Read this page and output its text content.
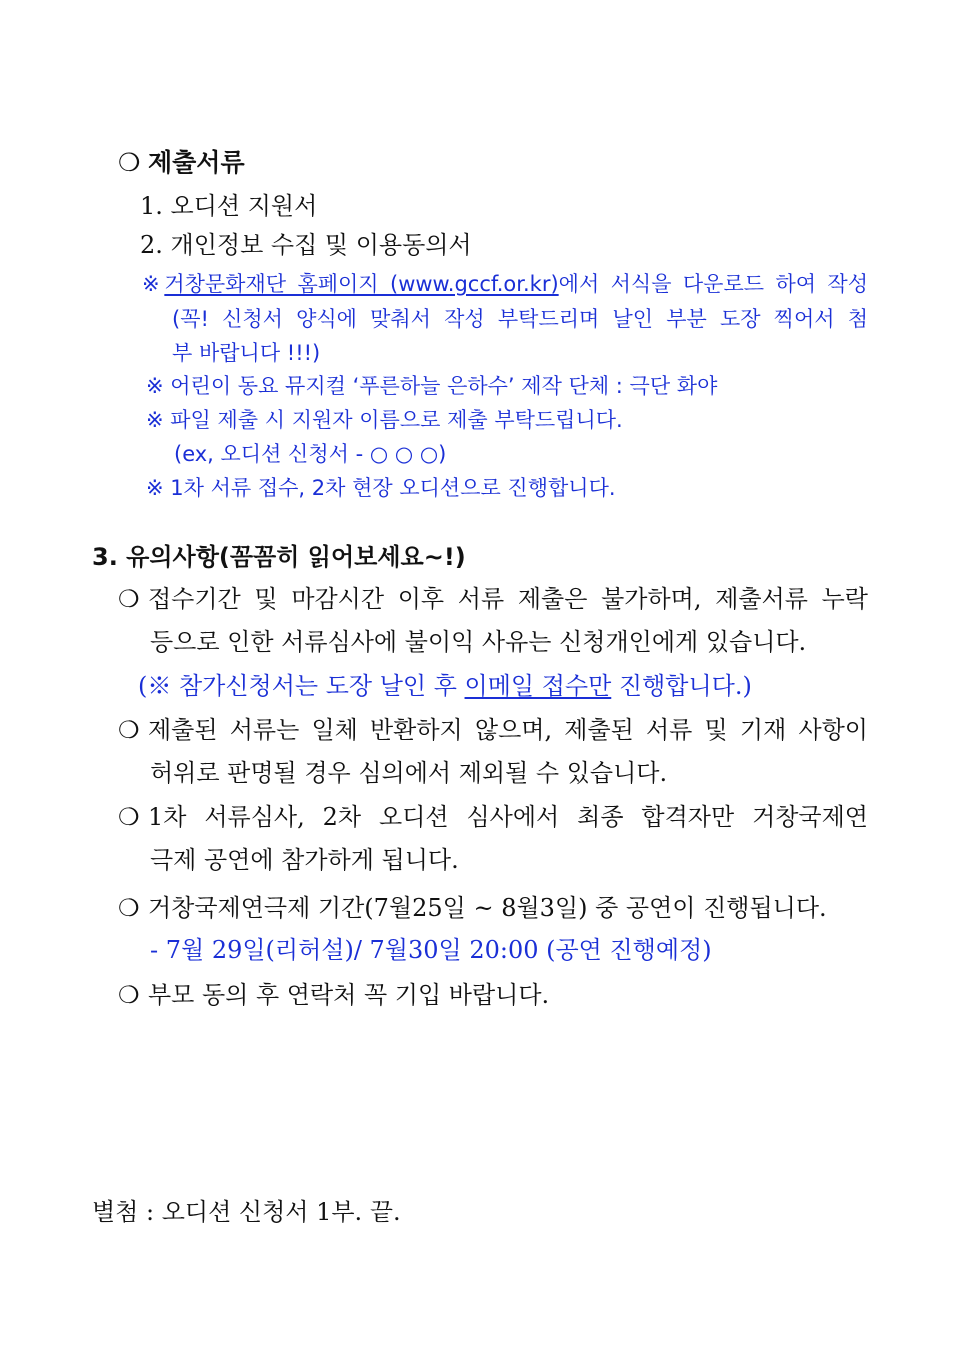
❍ 제출서류
1. 오디션 지원서
2. 개인정보 수집 및 이용동의서
※거창문화재단 홈페이지 (www.gccf.or.kr)에서 서식을 다운로드 하여 작성
(꼭! 신청서 양식에 맞춰서 작성 부탁드리며 날인 부분 도장 찍어서 첨
부 바랍니다 !!!)
※ 어린이 동요 뮤지컬 ‘푸른하늘 은하수’ 제작 단체 : 극단 화야
※ 파일 제출 시 지원자 이름으로 제출 부탁드립니다.
(ex, 오디션 신청서 - ○ ○ ○)
※ 1차 서류 접수, 2차 현장 오디션으로 진행합니다.
3. 유의사항(꼼꼼히 읽어보세요~!)
❍ 접수기간 및 마감시간 이후 서류 제출은 불가하며, 제출서류 누락
등으로 인한 서류심사에 불이익 사유는 신청개인에게 있습니다.
(※ 참가신청서는 도장 날인 후 이메일 접수만 진행합니다.)
❍ 제출된 서류는 일체 반환하지 않으며, 제출된 서류 및 기재 사항이
허위로 판명될 경우 심의에서 제외될 수 있습니다.
❍ 1차 서류심사, 2차 오디션 심사에서 최종 합격자만 거창국제연
극제 공연에 참가하게 됩니다.
❍ 거창국제연극제 기간(7월25일 ~ 8월3일) 중 공연이 진행됩니다.
- 7월 29일(리허설)/ 7월30일 20:00 (공연 진행예정)
❍ 부모 동의 후 연락처 꼭 기입 바랍니다.
별첨 : 오디션 신청서 1부. 끝.
